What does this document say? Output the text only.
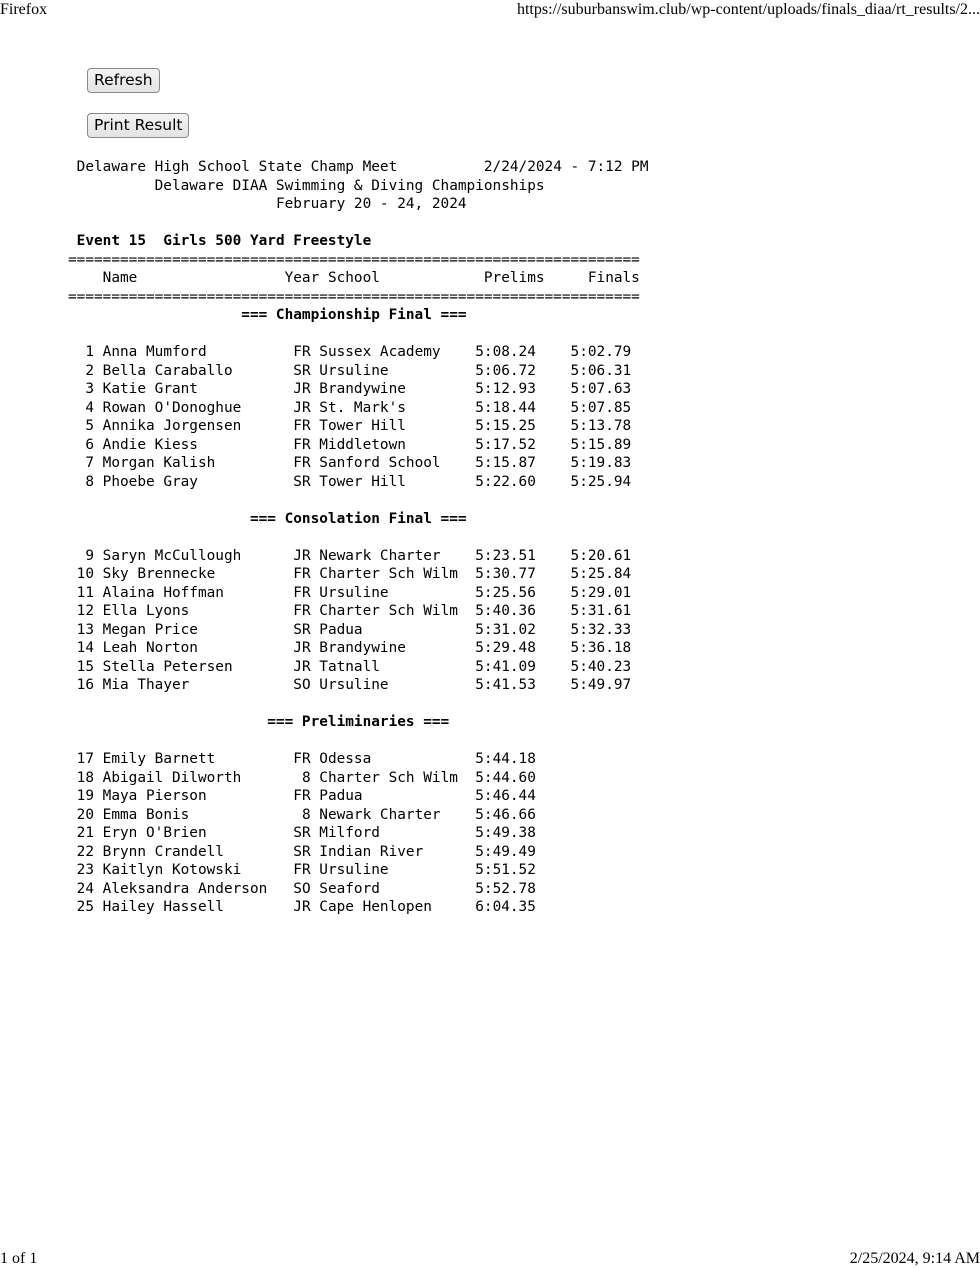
Firefox	https://suburbanswim.club/wp-content/uploads/finals_diaa/rt_results/2...
Refresh
Print Result
Delaware High School State Champ Meet	2/24/2024 - 7:12 PM
Delaware DIAA Swimming & Diving Championships
February 20 - 24, 2024

Event 15  Girls 500 Yard Freestyle
==================================================================
Name                 Year School            Prelims     Finals
==================================================================
=== Championship Final ===

1 Anna Mumford          FR Sussex Academy    5:08.24    5:02.79
2 Bella Caraballo       SR Ursuline          5:06.72    5:06.31
3 Katie Grant           JR Brandywine        5:12.93    5:07.63
4 Rowan O'Donoghue      JR St. Mark's        5:18.44    5:07.85
5 Annika Jorgensen      FR Tower Hill        5:15.25    5:13.78
6 Andie Kiess           FR Middletown        5:17.52    5:15.89
7 Morgan Kalish         FR Sanford School    5:15.87    5:19.83
8 Phoebe Gray           SR Tower Hill        5:22.60    5:25.94

=== Consolation Final ===

9 Saryn McCullough      JR Newark Charter    5:23.51    5:20.61
10 Sky Brennecke         FR Charter Sch Wilm  5:30.77    5:25.84
11 Alaina Hoffman        FR Ursuline          5:25.56    5:29.01
12 Ella Lyons            FR Charter Sch Wilm  5:40.36    5:31.61
13 Megan Price           SR Padua             5:31.02    5:32.33
14 Leah Norton           JR Brandywine        5:29.48    5:36.18
15 Stella Petersen       JR Tatnall           5:41.09    5:40.23
16 Mia Thayer            SO Ursuline          5:41.53    5:49.97

=== Preliminaries ===

17 Emily Barnett         FR Odessa            5:44.18
18 Abigail Dilworth       8 Charter Sch Wilm  5:44.60
19 Maya Pierson          FR Padua             5:46.44
20 Emma Bonis             8 Newark Charter    5:46.66
21 Eryn O'Brien          SR Milford           5:49.38
22 Brynn Crandell        SR Indian River      5:49.49
23 Kaitlyn Kotowski      FR Ursuline          5:51.52
24 Aleksandra Anderson   SO Seaford           5:52.78
25 Hailey Hassell        JR Cape Henlopen     6:04.35

1 of 1	2/25/2024, 9:14 AM
